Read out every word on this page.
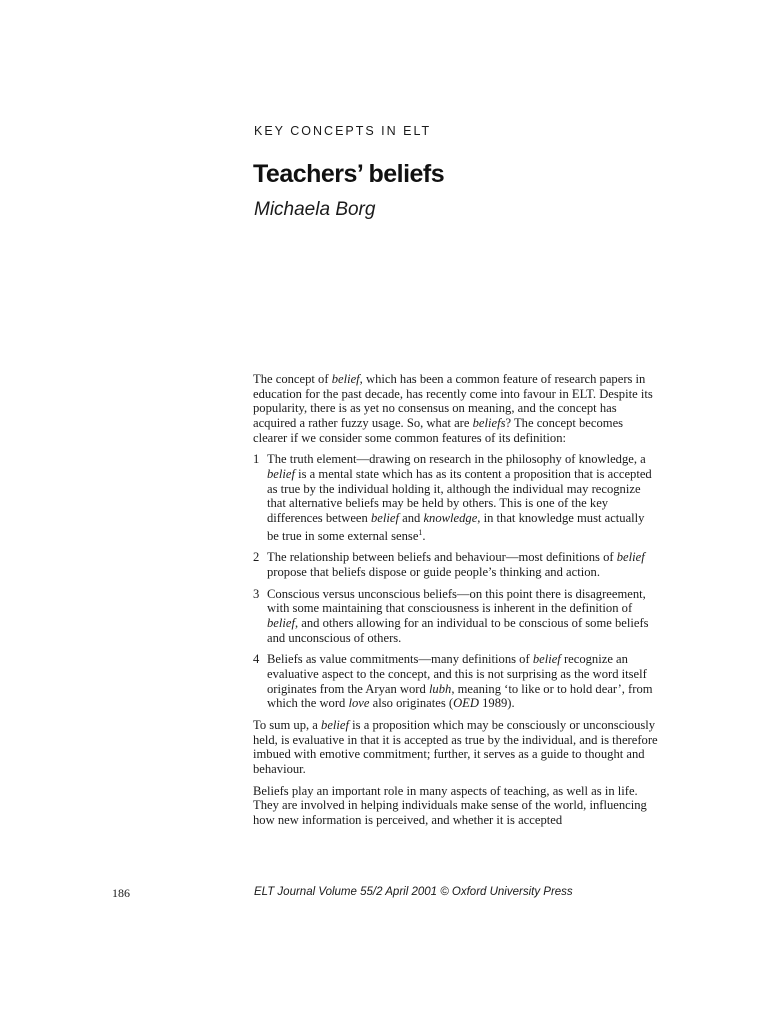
KEY CONCEPTS IN ELT
Teachers’ beliefs
Michaela Borg

The concept of belief, which has been a common feature of research papers in education for the past decade, has recently come into favour in ELT. Despite its popularity, there is as yet no consensus on meaning, and the concept has acquired a rather fuzzy usage. So, what are beliefs? The concept becomes clearer if we consider some common features of its definition:

1 The truth element—drawing on research in the philosophy of knowledge, a belief is a mental state which has as its content a proposition that is accepted as true by the individual holding it, although the individual may recognize that alternative beliefs may be held by others. This is one of the key differences between belief and knowledge, in that knowledge must actually be true in some external sense$^1$.
2 The relationship between beliefs and behaviour—most definitions of belief propose that beliefs dispose or guide people’s thinking and action.
3 Conscious versus unconscious beliefs—on this point there is disagreement, with some maintaining that consciousness is inherent in the definition of belief, and others allowing for an individual to be conscious of some beliefs and unconscious of others.
4 Beliefs as value commitments—many definitions of belief recognize an evaluative aspect to the concept, and this is not surprising as the word itself originates from the Aryan word lubh, meaning ‘to like or to hold dear’, from which the word love also originates (OED 1989).

To sum up, a belief is a proposition which may be consciously or unconsciously held, is evaluative in that it is accepted as true by the individual, and is therefore imbued with emotive commitment; further, it serves as a guide to thought and behaviour.

Beliefs play an important role in many aspects of teaching, as well as in life. They are involved in helping individuals make sense of the world, influencing how new information is perceived, and whether it is accepted

186	ELT Journal Volume 55/2 April 2001 © Oxford University Press
